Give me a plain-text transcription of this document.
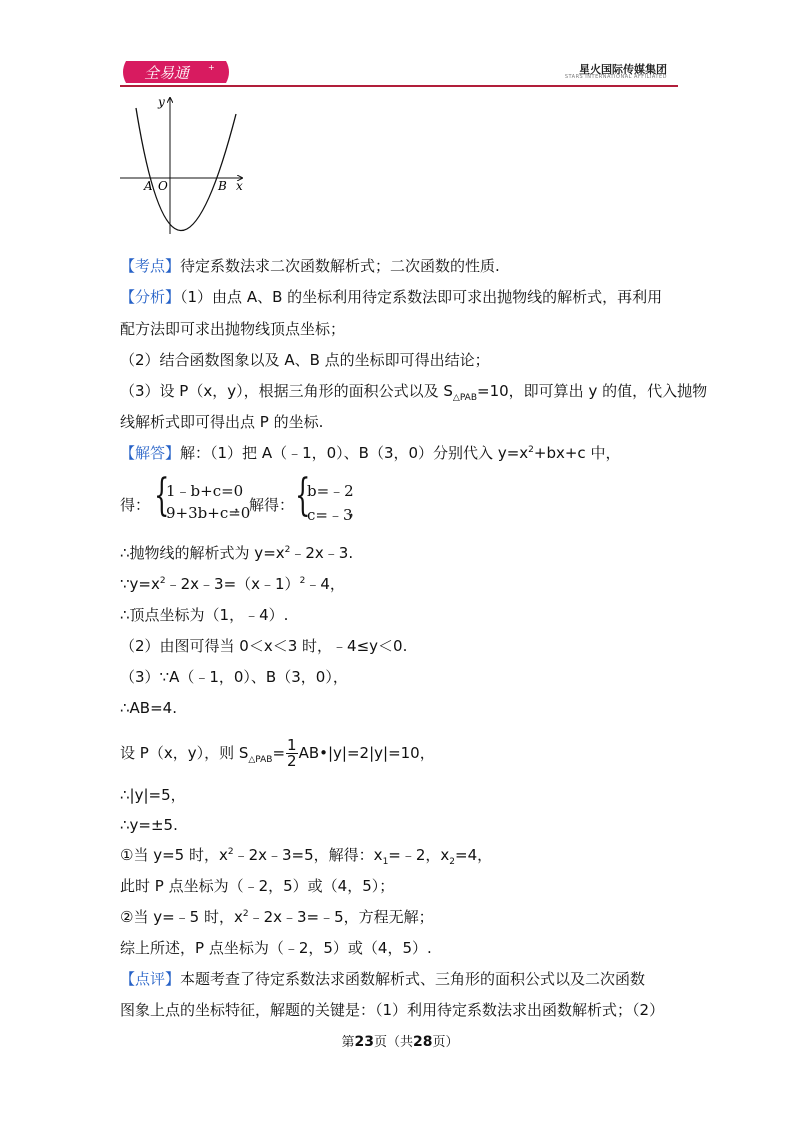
全易通 +	星火国际传媒集团
STARS INTERNATIONAL AFFILIATED
y
x
A O	B
【考点】待定系数法求二次函数解析式；二次函数的性质.
【分析】（1）由点 A、B 的坐标利用待定系数法即可求出抛物线的解析式，再利用
配方法即可求出抛物线顶点坐标；
（2）结合函数图象以及 A、B 点的坐标即可得出结论；
（3）设 P（x，y），根据三角形的面积公式以及 $S_{\triangle PAB}=10$，即可算出 y 的值，代入抛物
线解析式即可得出点 P 的坐标.
【解答】解：（1）把 A（﹣1，0）、B（3，0）分别代入 $y=x^2+bx+c$ 中，
得： {
1﹣b+c=0
9+3b+c=0
，解得： {
b=﹣2
c=﹣3
，
∴抛物线的解析式为 $y=x^2﹣2x﹣3$.
$\because y=x^2﹣2x﹣3=(x﹣1)^2﹣4$，
∴顶点坐标为（1，﹣4）.
（2）由图可得当 0＜x＜3 时，﹣4≤y＜0.
（3）∵A（﹣1，0）、B（3，0），
∴AB=4.
设 P（x，y），则 $S_{\triangle PAB}= \frac{1}{2}$ AB•|y|=2|y|=10，
∴|y|=5，
∴y=±5.
①当 y=5 时，$x^2﹣2x﹣3=5$，解得：$x_1=﹣2$，$x_2=4$，
此时 P 点坐标为（﹣2，5）或（4，5）；
②当 y=﹣5 时，$x^2﹣2x﹣3=﹣5$，方程无解；
综上所述，P 点坐标为（﹣2，5）或（4，5）.
【点评】本题考查了待定系数法求函数解析式、三角形的面积公式以及二次函数
图象上点的坐标特征，解题的关键是：（1）利用待定系数法求出函数解析式；（2）
第23页（共28页）
